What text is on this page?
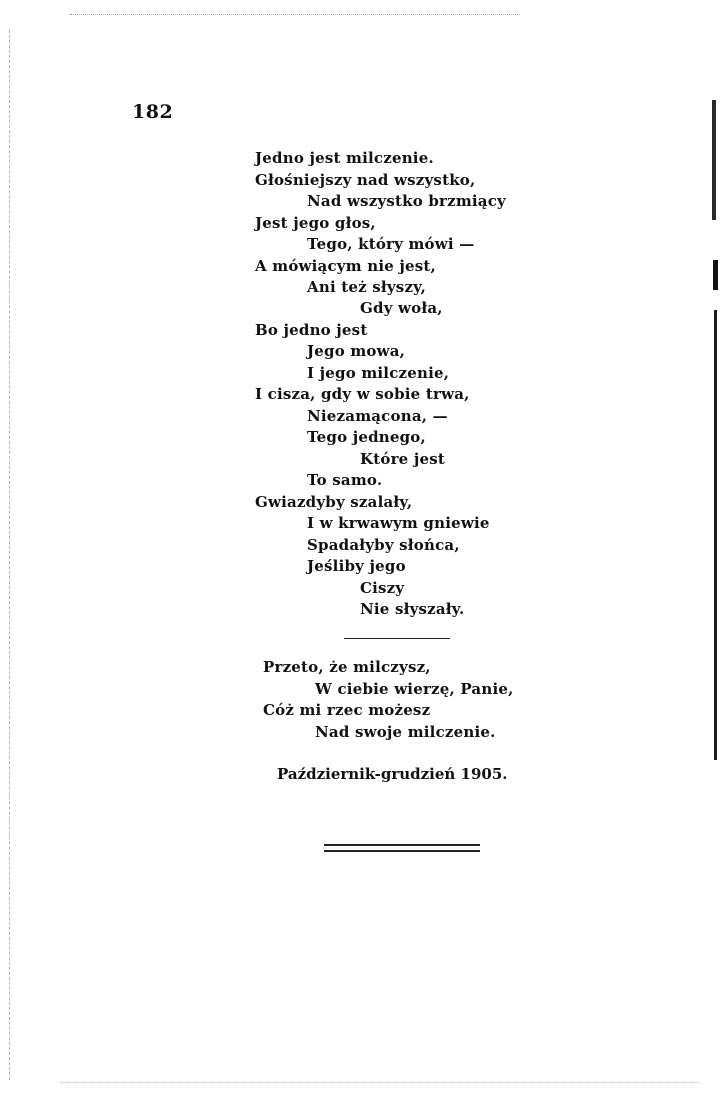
182
Jedno jest milczenie.
Głośniejszy nad wszystko,
Nad wszystko brzmiący
Jest jego głos,
Tego, który mówi —
A mówiącym nie jest,
Ani też słyszy,
Gdy woła,
Bo jedno jest
Jego mowa,
I jego milczenie,
I cisza, gdy w sobie trwa,
Niezamącona, —
Tego jednego,
Które jest
To samo.
Gwiazdyby szalały,
I w krwawym gniewie
Spadałyby słońca,
Jeśliby jego
Ciszy
Nie słyszały.
Przeto, że milczysz,
W ciebie wierzę, Panie,
Cóż mi rzec możesz
Nad swoje milczenie.
Październik-grudzień 1905.
